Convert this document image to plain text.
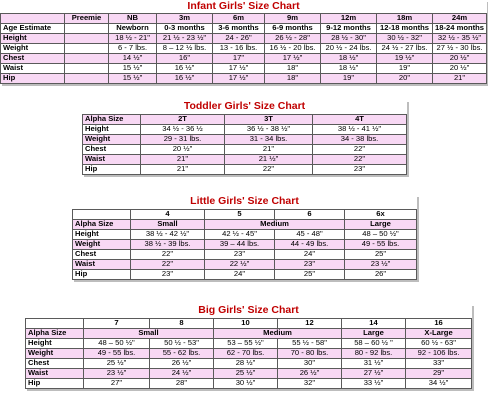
Infant Girls' Size Chart								
	Preemie	NB	3m	6m	9m	12m	18m	24m
Age Estimate		Newborn	0-3 months	3-6 months	6-9 months	9-12 months	12-18 months	18-24 months
Height		18 ½ - 21"	21 ½ - 23 ½"	24 - 26"	26 ½ - 28"	28 ½ - 30"	30 ½ - 32"	32 ½ - 35 ½"
Weight		6 - 7 lbs.	8 – 12 ½ lbs.	13 - 16 lbs.	16 ½ - 20 lbs.	20 ½ - 24 lbs.	24 ½ - 27 lbs.	27 ½ - 30 lbs.
Chest		14 ½"	16"	17"	17 ½"	18 ½"	19 ½"	20 ½"
Waist		15 ½"	16 ½"	17 ½"	18"	18 ½"	19"	20 ½"
Hip		15 ½"	16 ½"	17 ½"	18"	19"	20"	21"
Toddler Girls' Size Chart			
Alpha Size	2T	3T	4T
Height	34 ½ - 36 ½	36 ½ - 38 ½"	38 ½ - 41 ½"
Weight	29 - 31 lbs.	31 - 34 lbs.	34 - 38 lbs.
Chest	20 ½"	21"	22"
Waist	21"	21 ½"	22"
Hip	21"	22"	23"
Little Girls' Size Chart				
	4	5	6	6x
Alpha Size	Small	Medium		Large
Height	38 ½ - 42 ½"	42 ½ - 45"	45 - 48"	48 – 50 ½"
Weight	38 ½ - 39 lbs.	39 – 44 lbs.	44 - 49 lbs.	49 - 55 lbs.
Chest	22"	23"	24"	25"
Waist	22"	22 ½"	23"	23 ½"
Hip	23"	24"	25"	26"
Big Girls' Size Chart						
	7	8	10	12	14	16
Alpha Size	Small		Medium		Large	X-Large
Height	48 – 50 ½"	50 ½ - 53"	53 – 55 ½"	55 ½ - 58"	58 – 60 ½ "	60 ½ - 63"
Weight	49 - 55 lbs.	55 - 62 lbs.	62 - 70 lbs.	70 - 80 lbs.	80 - 92 lbs.	92 - 106 lbs.
Chest	25 ½"	26 ½"	28 ½"	30"	31 ½"	33"
Waist	23 ½"	24 ½"	25 ½"	26 ½"	27 ½"	29"
Hip	27"	28"	30 ½"	32"	33 ½"	34 ½"
